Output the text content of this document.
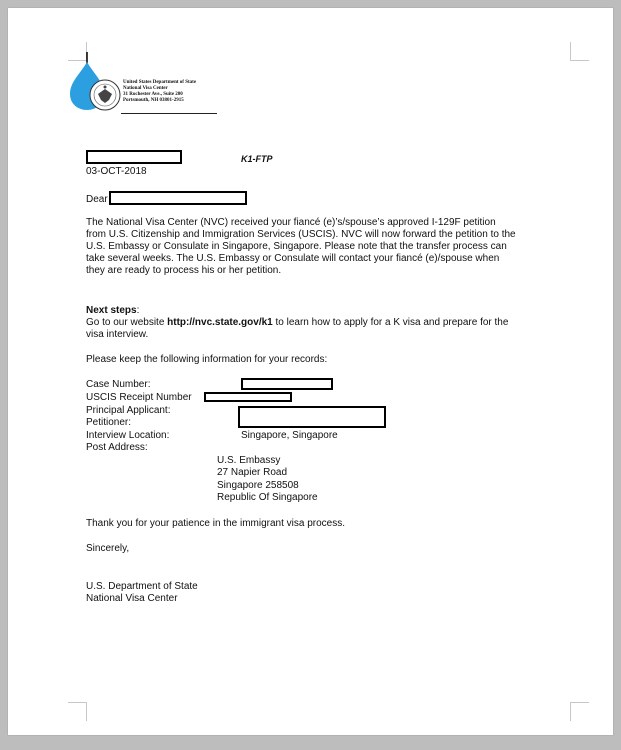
United States Department of State
National Visa Center
31 Rochester Ave., Suite 200
Portsmouth, NH 03801-2915
K1-FTP
03-OCT-2018
Dear
The National Visa Center (NVC) received your fiancé (e)’s/spouse’s approved I-129F petition from U.S. Citizenship and Immigration Services (USCIS). NVC will now forward the petition to the U.S. Embassy or Consulate in Singapore, Singapore. Please note that the transfer process can take several weeks. The U.S. Embassy or Consulate will contact your fiancé (e)/spouse when they are ready to process his or her petition.
Next steps:
Go to our website http://nvc.state.gov/k1 to learn how to apply for a K visa and prepare for the visa interview.
Please keep the following information for your records:
Case Number:
USCIS Receipt Number
Principal Applicant:
Petitioner:
Interview Location:	Singapore, Singapore
Post Address:
U.S. Embassy
27 Napier Road
Singapore 258508
Republic Of Singapore
Thank you for your patience in the immigrant visa process.
Sincerely,
U.S. Department of State
National Visa Center
